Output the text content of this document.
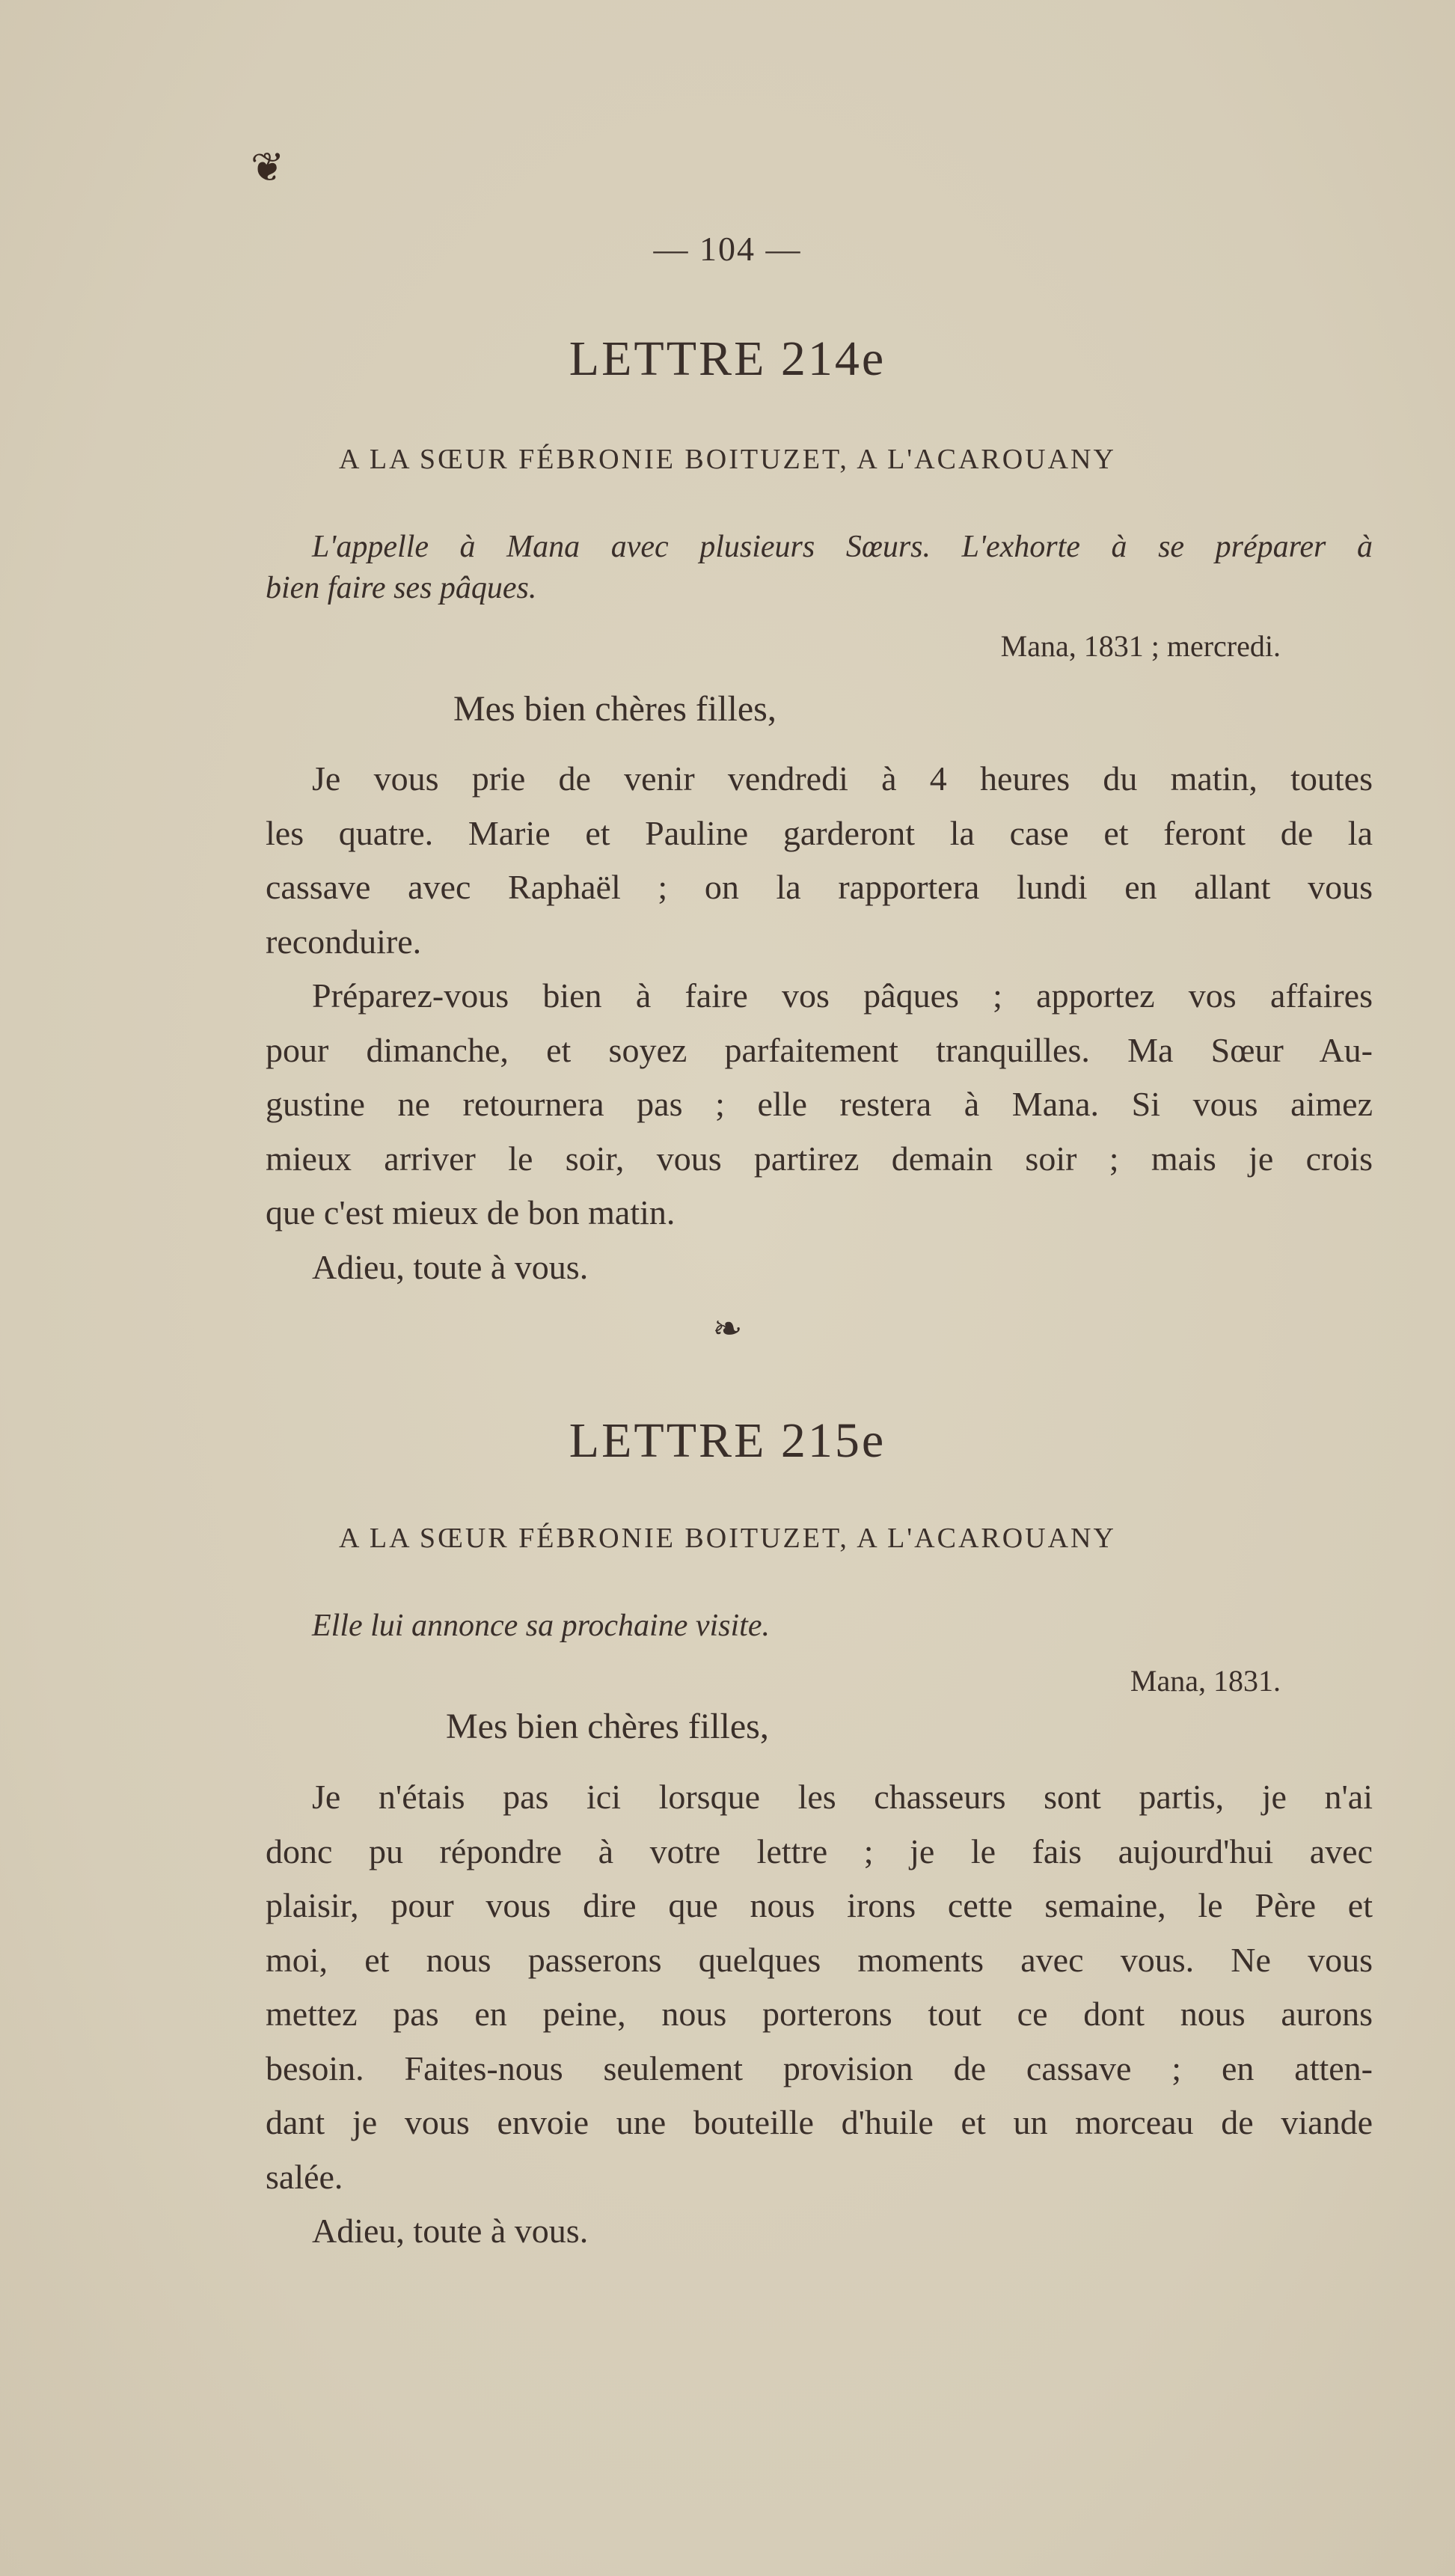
❦
— 104 —
LETTRE 214e
A LA SŒUR FÉBRONIE BOITUZET, A L'ACAROUANY
L'appelle à Mana avec plusieurs Sœurs. L'exhorte à se préparer à
bien faire ses pâques.
Mana, 1831 ; mercredi.
Mes bien chères filles,
Je vous prie de venir vendredi à 4 heures du matin, toutes
les quatre. Marie et Pauline garderont la case et feront de la
cassave avec Raphaël ; on la rapportera lundi en allant vous
reconduire.
Préparez-vous bien à faire vos pâques ; apportez vos affaires
pour dimanche, et soyez parfaitement tranquilles. Ma Sœur Au-
gustine ne retournera pas ; elle restera à Mana. Si vous aimez
mieux arriver le soir, vous partirez demain soir ; mais je crois
que c'est mieux de bon matin.
Adieu, toute à vous.
❧
LETTRE 215e
A LA SŒUR FÉBRONIE BOITUZET, A L'ACAROUANY
Elle lui annonce sa prochaine visite.
Mana, 1831.
Mes bien chères filles,
Je n'étais pas ici lorsque les chasseurs sont partis, je n'ai
donc pu répondre à votre lettre ; je le fais aujourd'hui avec
plaisir, pour vous dire que nous irons cette semaine, le Père et
moi, et nous passerons quelques moments avec vous. Ne vous
mettez pas en peine, nous porterons tout ce dont nous aurons
besoin. Faites-nous seulement provision de cassave ; en atten-
dant je vous envoie une bouteille d'huile et un morceau de viande
salée.
Adieu, toute à vous.
